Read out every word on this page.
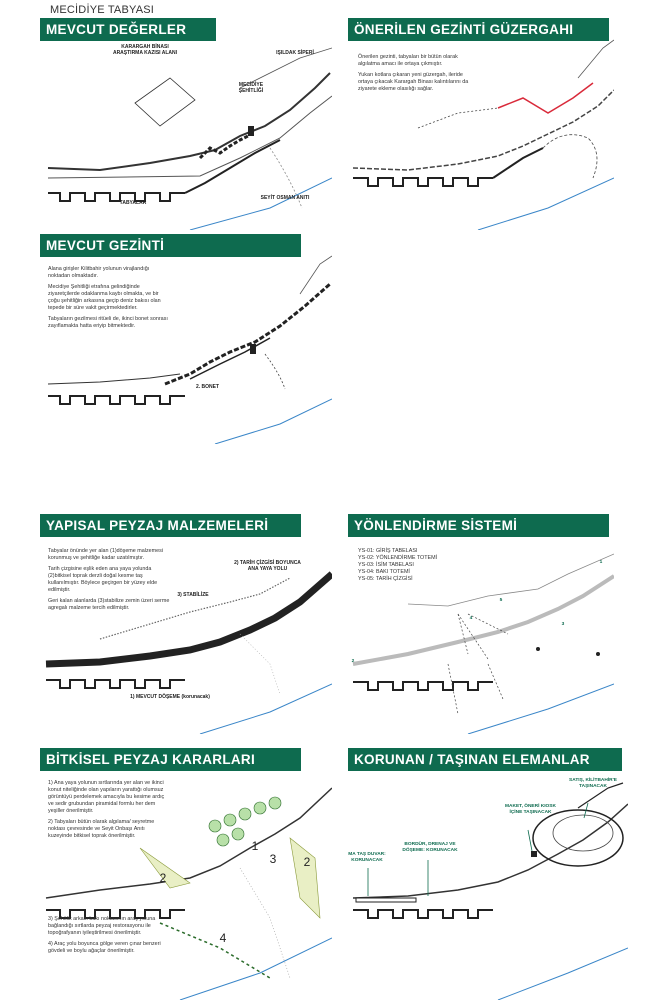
MECİDİYE TABYASI
MEVCUT DEĞERLER
KARARGAH BİNASI ARAŞTIRMA KAZISI ALANI	IŞILDAK SİPERİ
MECİDİYE ŞEHİTLİĞİ
TABYALAR
SEYİT OSMAN ANITI
ÖNERİLEN GEZİNTİ GÜZERGAHI

Önerilen gezinti, tabyaları bir bütün olarak algılatma amacı ile ortaya çıkmıştır.

Yukarı kotlara çıkaran yeni güzergah, ileride ortaya çıkacak Karargah Binası kalıntılarını da ziyarete ekleme olasılığı sağlar.

MEVCUT GEZİNTİ

Alana girişler Kilitbahir yolunun virajlandığı noktadan olmaktadır.

Mecidiye Şehitliği etrafına gelindiğinde ziyaretçilerde odaklanma kaybı olmakta, ve bir çoğu şehitliğin arkasına geçip deniz bakısı olan tepede bir süre vakit geçirmektedirler.

Tabyaların gezilmesi ritüeli de, ikinci bonet sonrası zayıflamakta hatta eriyip bitmektedir.

2. BONET
YAPISAL PEYZAJ MALZEMELERİ

Tabyalar önünde yer alan (1)döşeme malzemesi korunmuş ve şehitliğe kadar uzatılmıştır.

Tarih çizgisine eşlik eden ana yaya yolunda (2)bitkisel toprak derzli doğal kesme taş kullanılmıştır. Böylece geçirgen bir yüzey elde edilmiştir.

Geri kalan alanlarda (3)stabilize zemin üzeri serme agregalı malzeme tercih edilmiştir.

2) TARİH ÇİZGİSİ BOYUNCA ANA YAYA YOLU
3) STABİLİZE
1) MEVCUT DÖŞEME (korunacak)
YÖNLENDİRME SİSTEMİ
YS-01: GİRİŞ TABELASI
YS-02: YÖNLENDİRME TOTEMİ
YS-03: İSİM TABELASI
YS-04: BAKI TOTEMİ
YS-05: TARİH ÇİZGİSİ
1
2
3
4
5
BİTKİSEL PEYZAJ KARARLARI

1) Ana yaya yolunun sırtlarında yer alan ve ikinci konut niteliğinde olan yapıların yarattığı olumsuz görüntüyü perdelemek amacıyla bu kesime ardıç ve sedir grubundan piramidal formlu her dem yeşiller önerilmiştir.

2) Tabyaları bütün olarak algılama/ seyretme noktası çevresinde ve Seyit Onbaşı Anıtı kuzeyinde bitkisel toprak önerilmiştir.

3) Şehitlik arkası bakı noktasının araç yoluna bağlandığı sırtlarda peyzaj restorasyonu ile topoğrafyanın iyileştirilmesi önerilmiştir.

4) Araç yolu boyunca gölge veren çınar benzeri gövdeli ve boylu ağaçlar önerilmiştir.

1
2
3 2
4
KORUNAN / TAŞINAN ELEMANLAR
SATIŞ, KİLİTBAHİR'E TAŞINACAK
MAKET, ÖNERİ KIOSK İÇİNE TAŞINACAK
BORDÜR, DRENAJ VE DÖŞEME: KORUNACAK
MA TAŞ DUVAR: KORUNACAK
